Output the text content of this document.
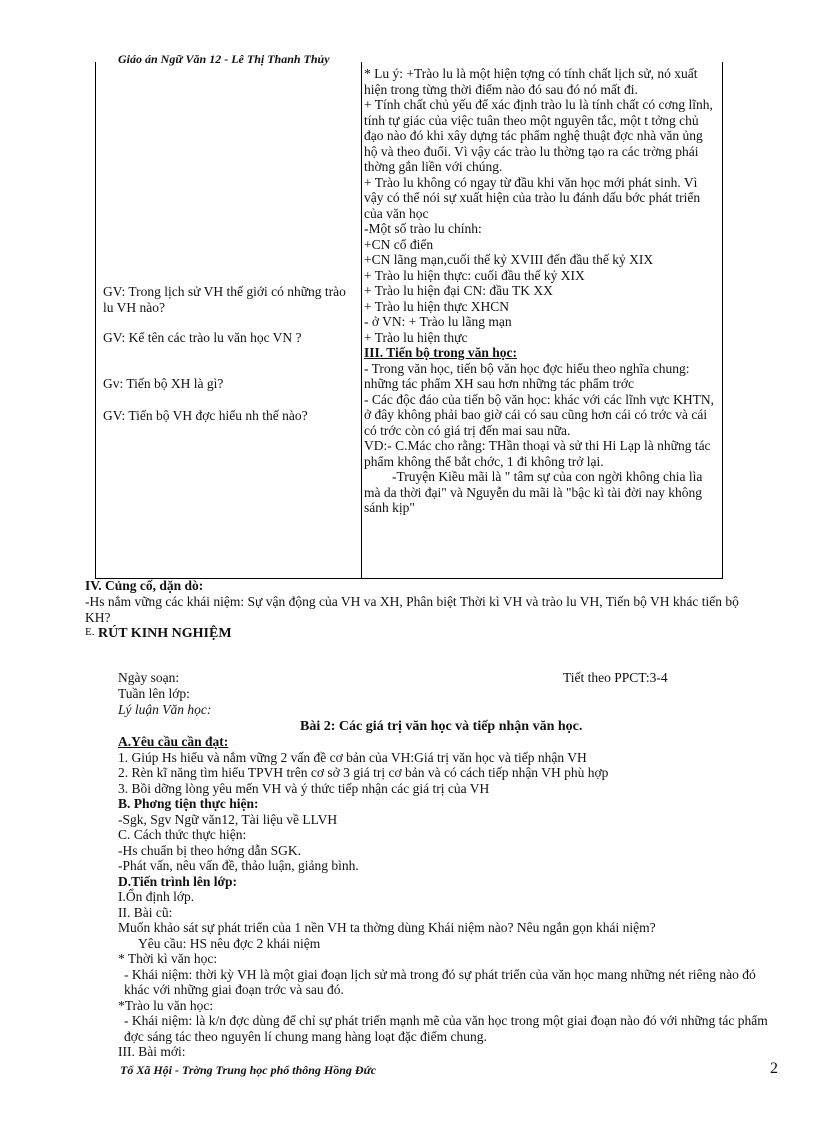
Giáo án Ngữ Văn 12 - Lê Thị Thanh Thủy
GV: Trong lịch sử VH thế giới có những trào lu VH nào?
GV: Kể tên các trào lu văn học VN ?
Gv: Tiến bộ XH là gì?
GV: Tiến bộ VH đợc hiểu nh thế nào?

* Lu ý: +Trào lu là một hiện tợng có tính chất lịch sử, nó xuất hiện trong từng thời điểm nào đó sau đó nó mất đi.

+ Tính chất chủ yếu để xác định trào lu là tính chất có cơng lĩnh, tính tự giác của việc tuân theo một nguyên tắc, một t tởng chủ đạo nào đó khi xây dựng tác phẩm nghệ thuật đợc nhà văn ủng hộ và theo đuổi. Vì vậy các trào lu thờng tạo ra các trờng phái thờng gắn liền với chúng.

+ Trào lu không có ngay từ đầu khi văn học mới phát sinh. Vì vậy có thể nói sự xuất hiện của trào lu đánh dấu bớc phát triển của văn học

-Một số trào lu chính:

+CN cổ điển

+CN lãng mạn,cuối thế kỷ XVIII đến đầu thế kỷ XIX

+ Trào lu hiện thực: cuối đầu thế kỷ XIX

+ Trào lu hiện đại CN: đầu TK XX

+ Trào lu hiện thực XHCN

- ở VN: + Trào lu lãng mạn

+ Trào lu hiện thực

III. Tiến bộ trong văn học:

- Trong văn học, tiến bộ văn học đợc hiểu theo nghĩa chung: những tác phẩm XH sau hơn những tác phẩm trớc

- Các độc đáo của tiến bộ văn học: khác với các lĩnh vực KHTN, ở đây không phải bao giờ cái có sau cũng hơn cái có trớc và cái có trớc còn có giá trị đến mai sau nữa.

VD:- C.Mác cho rằng: THần thoại và sử thi Hi Lạp là những tác phẩm không thể bắt chớc, 1 đi không trở lại.

-Truyện Kiều mãi là " tâm sự của con ngời không chia lìa mà da thời đại" và Nguyễn du mãi là "bậc kì tài đời nay không sánh kịp"

IV. Củng cố, dặn dò:
-Hs nắm vững các khái niệm: Sự vận động của VH va XH, Phân biệt Thời kì VH và trào lu VH, Tiến bộ VH khác tiến bộ KH?
E. RÚT KINH NGHIỆM
Ngày soạn:	Tiết theo PPCT:3-4
Tuần lên lớp:
Lý luận Văn học:
Bài 2: Các giá trị văn học và tiếp nhận văn học.
A.Yêu cầu cần đạt:
1. Giúp Hs hiểu và nắm vững 2 vấn đề cơ bản của VH:Giá trị văn học và tiếp nhận VH
2. Rèn kĩ năng tìm hiểu TPVH trên cơ sở 3 giá trị cơ bản và có cách tiếp nhận VH phù hợp
3. Bồi dỡng lòng yêu mến VH và ý thức tiếp nhận các giá trị của VH
B. Phơng tiện thực hiện:
-Sgk, Sgv Ngữ văn12, Tài liệu về LLVH
C. Cách thức thực hiện:
-Hs chuẩn bị theo hớng dẫn SGK.
-Phát vấn, nêu vấn đề, thảo luận, giảng bình.
D.Tiến trình lên lớp:
I.Ổn định lớp.
II. Bài cũ:
Muốn khảo sát sự phát triển của 1 nền VH ta thờng dùng Khái niệm nào? Nêu ngắn gọn khái niệm?
Yêu cầu: HS nêu đợc 2 khái niệm
* Thời kì văn học:
- Khái niệm: thời kỳ VH là một giai đoạn lịch sử mà trong đó sự phát triển của văn học mang những nét riêng nào đó khác với những giai đoạn trớc và sau đó.
*Trào lu văn học:
- Khái niệm: là k/n đợc dùng để chỉ sự phát triển mạnh mẽ của văn học trong một giai đoạn nào đó với những tác phẩm đợc sáng tác theo nguyên lí chung mang hàng loạt đặc điểm chung.
III. Bài mới:
Tổ Xã Hội - Trờng Trung học phổ thông Hồng Đức	2
